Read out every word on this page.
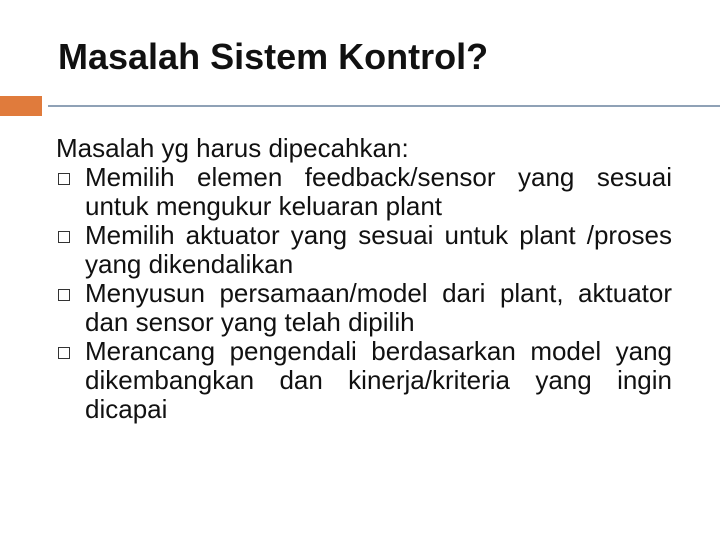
Masalah Sistem Kontrol?
Masalah yg harus dipecahkan:
Memilih elemen feedback/sensor yang sesuai untuk mengukur keluaran plant
Memilih aktuator yang sesuai untuk plant /proses yang dikendalikan
Menyusun persamaan/model dari plant, aktuator dan sensor yang telah dipilih
Merancang pengendali berdasarkan model yang dikembangkan dan kinerja/kriteria yang ingin dicapai
